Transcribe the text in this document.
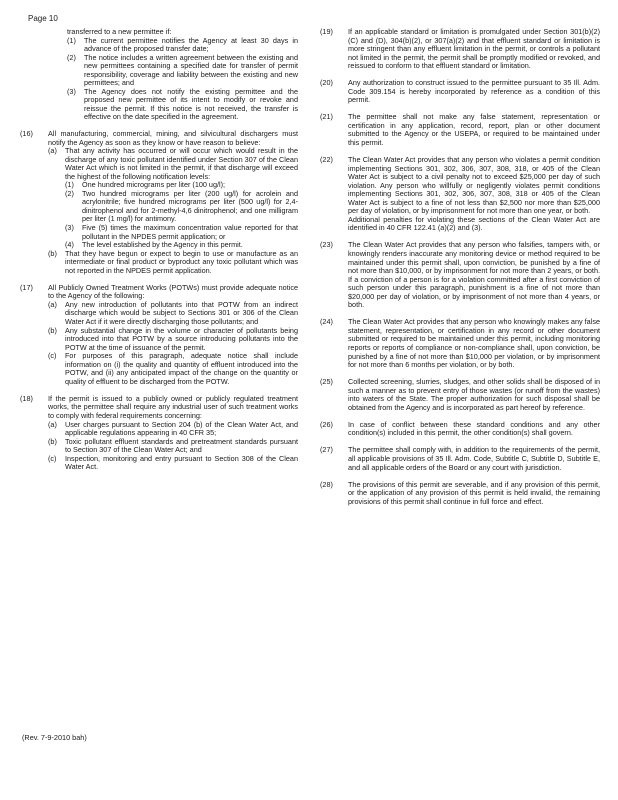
Page 10

transferred to a new permittee if:

(1)	The current permittee notifies the Agency at least 30 days in advance of the proposed transfer date;
(2)	The notice includes a written agreement between the existing and new permittees containing a specified date for transfer of permit responsibility, coverage and liability between the existing and new permittees; and
(3)	The Agency does not notify the existing permittee and the proposed new permittee of its intent to modify or revoke and reissue the permit. If this notice is not received, the transfer is effective on the date specified in the agreement.
(16)	All manufacturing, commercial, mining, and silvicultural dischargers must notify the Agency as soon as they know or have reason to believe:

(a)	That any activity has occurred or will occur which would result in the discharge of any toxic pollutant identified under Section 307 of the Clean Water Act which is not limited in the permit, if that discharge will exceed the highest of the following notification levels:

(1)	One hundred micrograms per liter (100 ug/l);
(2)	Two hundred micrograms per liter (200 ug/l) for acrolein and acrylonitrile; five hundred micrograms per liter (500 ug/l) for 2,4-dinitrophenol and for 2-methyl-4,6 dinitrophenol; and one milligram per liter (1 mg/l) for antimony.
(3)	Five (5) times the maximum concentration value reported for that pollutant in the NPDES permit application; or
(4)	The level established by the Agency in this permit.
(b)	That they have begun or expect to begin to use or manufacture as an intermediate or final product or byproduct any toxic pollutant which was not reported in the NPDES permit application.
(17)	All Publicly Owned Treatment Works (POTWs) must provide adequate notice to the Agency of the following:

(a)	Any new introduction of pollutants into that POTW from an indirect discharge which would be subject to Sections 301 or 306 of the Clean Water Act if it were directly discharging those pollutants; and
(b)	Any substantial change in the volume or character of pollutants being introduced into that POTW by a source introducing pollutants into the POTW at the time of issuance of the permit.
(c)	For purposes of this paragraph, adequate notice shall include information on (i) the quality and quantity of effluent introduced into the POTW, and (ii) any anticipated impact of the change on the quantity or quality of effluent to be discharged from the POTW.
(18)	If the permit is issued to a publicly owned or publicly regulated treatment works, the permittee shall require any industrial user of such treatment works to comply with federal requirements concerning:

(a)	User charges pursuant to Section 204 (b) of the Clean Water Act, and applicable regulations appearing in 40 CFR 35;
(b)	Toxic pollutant effluent standards and pretreatment standards pursuant to Section 307 of the Clean Water Act; and
(c)	Inspection, monitoring and entry pursuant to Section 308 of the Clean Water Act.
(19)	If an applicable standard or limitation is promulgated under Section 301(b)(2)(C) and (D), 304(b)(2), or 307(a)(2) and that effluent standard or limitation is more stringent than any effluent limitation in the permit, or controls a pollutant not limited in the permit, the permit shall be promptly modified or revoked, and reissued to conform to that effluent standard or limitation.

(20)	Any authorization to construct issued to the permittee pursuant to 35 Ill. Adm. Code 309.154 is hereby incorporated by reference as a condition of this permit.

(21)	The permittee shall not make any false statement, representation or certification in any application, record, report, plan or other document submitted to the Agency or the USEPA, or required to be maintained under this permit.

(22)	The Clean Water Act provides that any person who violates a permit condition implementing Sections 301, 302, 306, 307, 308, 318, or 405 of the Clean Water Act is subject to a civil penalty not to exceed $25,000 per day of such violation. Any person who willfully or negligently violates permit conditions implementing Sections 301, 302, 306, 307, 308, 318 or 405 of the Clean Water Act is subject to a fine of not less than $2,500 nor more than $25,000 per day of violation, or by imprisonment for not more than one year, or both.

Additional penalties for violating these sections of the Clean Water Act are identified in 40 CFR 122.41 (a)(2) and (3).

(23)	The Clean Water Act provides that any person who falsifies, tampers with, or knowingly renders inaccurate any monitoring device or method required to be maintained under this permit shall, upon conviction, be punished by a fine of not more than $10,000, or by imprisonment for not more than 2 years, or both. If a conviction of a person is for a violation committed after a first conviction of such person under this paragraph, punishment is a fine of not more than $20,000 per day of violation, or by imprisonment of not more than 4 years, or both.

(24)	The Clean Water Act provides that any person who knowingly makes any false statement, representation, or certification in any record or other document submitted or required to be maintained under this permit, including monitoring reports or reports of compliance or non-compliance shall, upon conviction, be punished by a fine of not more than $10,000 per violation, or by imprisonment for not more than 6 months per violation, or by both.

(25)	Collected screening, slurries, sludges, and other solids shall be disposed of in such a manner as to prevent entry of those wastes (or runoff from the wastes) into waters of the State. The proper authorization for such disposal shall be obtained from the Agency and is incorporated as part hereof by reference.

(26)	In case of conflict between these standard conditions and any other condition(s) included in this permit, the other condition(s) shall govern.

(27)	The permittee shall comply with, in addition to the requirements of the permit, all applicable provisions of 35 Ill. Adm. Code, Subtitle C, Subtitle D, Subtitle E, and all applicable orders of the Board or any court with jurisdiction.

(28)	The provisions of this permit are severable, and if any provision of this permit, or the application of any provision of this permit is held invalid, the remaining provisions of this permit shall continue in full force and effect.

(Rev. 7-9-2010 bah)
